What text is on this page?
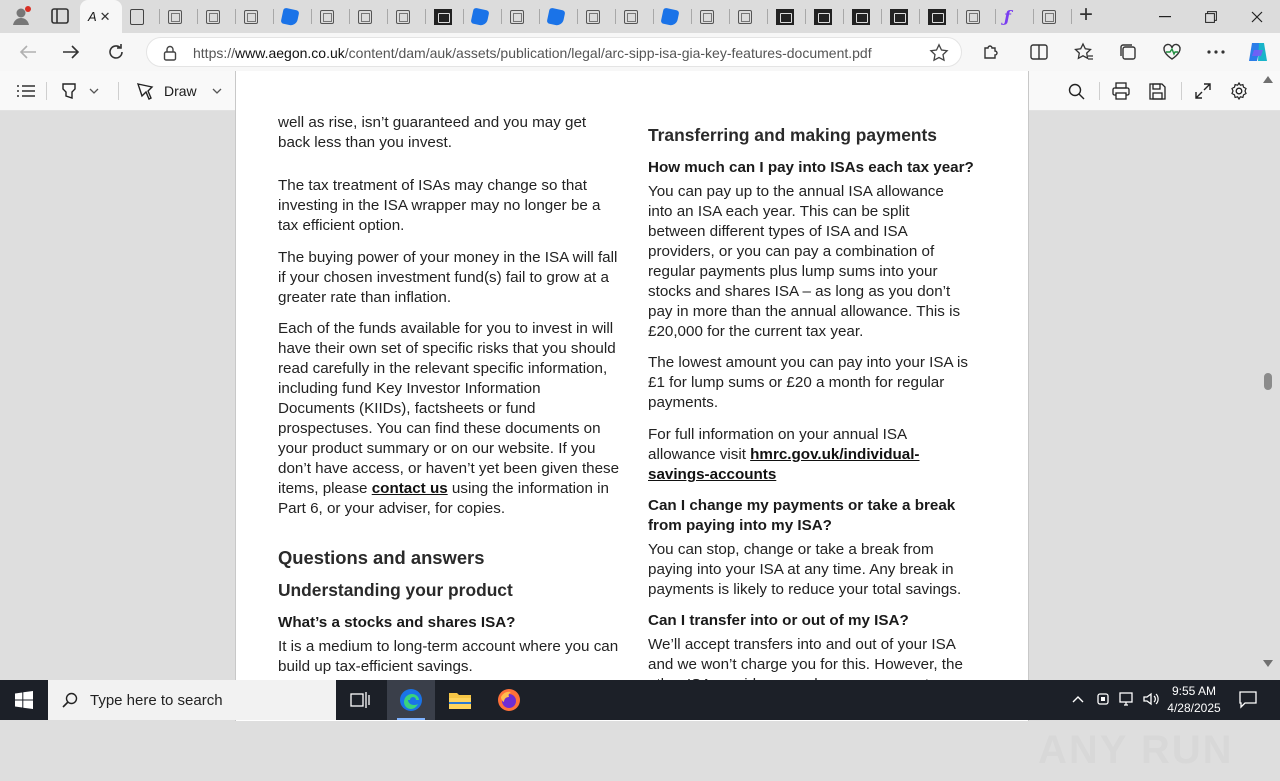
A ✕	ƒ	+
https://www.aegon.co.uk/content/dam/auk/assets/publication/legal/arc-sipp-isa-gia-key-features-document.pdf
Draw
well as rise, isn’t guaranteed and you may get back less than you invest.
The tax treatment of ISAs may change so that investing in the ISA wrapper may no longer be a tax efficient option.
The buying power of your money in the ISA will fall if your chosen investment fund(s) fail to grow at a greater rate than inflation.
Each of the funds available for you to invest in will have their own set of specific risks that you should read carefully in the relevant specific information, including fund Key Investor Information Documents (KIIDs), factsheets or fund prospectuses. You can find these documents on your product summary or on our website. If you don’t have access, or haven’t yet been given these items, please contact us using the information in Part 6, or your adviser, for copies.
Questions and answers
Understanding your product
What’s a stocks and shares ISA?
It is a medium to long-term account where you can build up tax-efficient savings.
Transferring and making payments
How much can I pay into ISAs each tax year?
You can pay up to the annual ISA allowance into an ISA each year. This can be split between different types of ISA and ISA providers, or you can pay a combination of regular payments plus lump sums into your stocks and shares ISA – as long as you don’t pay in more than the annual allowance. This is £20,000 for the current tax year.
The lowest amount you can pay into your ISA is £1 for lump sums or £20 a month for regular payments.
For full information on your annual ISA allowance visit hmrc.gov.uk/individual-savings-accounts
Can I change my payments or take a break from paying into my ISA?
You can stop, change or take a break from paying into your ISA at any time. Any break in payments is likely to reduce your total savings.
Can I transfer into or out of my ISA?
We’ll accept transfers into and out of your ISA and we won’t charge you for this. However, the
ANY RUN
Type here to search
9:55 AM
4/28/2025
